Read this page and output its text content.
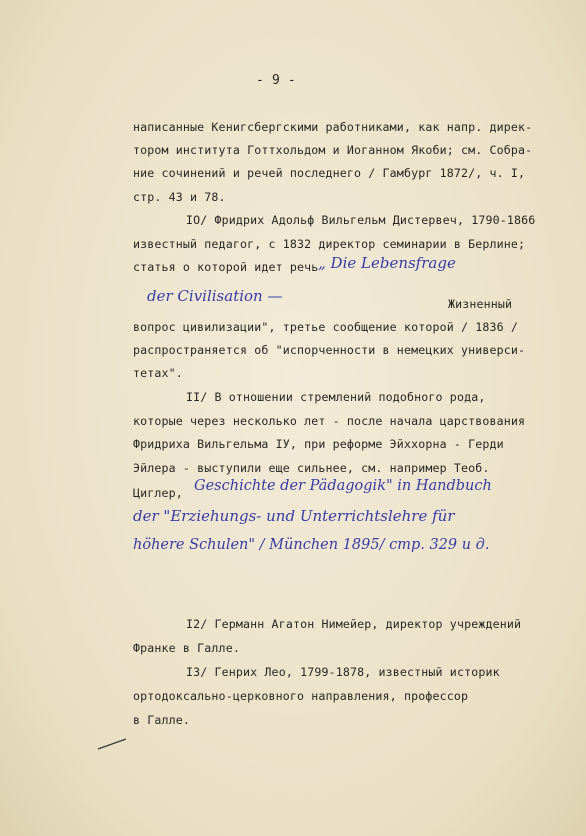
- 9 -
написанные Кенигсбергскими работниками, как напр. дирек-
тором института Готтхольдом и Иоганном Якоби; см. Собра-
ние сочинений и речей последнего / Гамбург 1872/, ч. I,
стр. 43 и 78.
IO/ Фридрих Адольф Вильгельм Дистервеч, 1790-1866
известный педагог, с 1832 директор семинарии в Берлине;
статья о которой идет речь „ Die Lebensfrage
der Civilisation —	Жизненный
вопрос цивилизации", третье сообщение которой / 1836 /
распространяется об "испорченности в немецких универси-
тетах".
II/ В отношении стремлений подобного рода,
которые через несколько лет - после начала царствования
Фридриха Вильгельма IУ, при реформе Эйххорна - Герди
Эйлера - выступили еще сильнее, см. например Теоб.
Циглер, Geschichte der Pädagogik" in Handbuch
der "Erziehungs- und Unterrichtslehre für
höhere Schulen" / München 1895/ стр. 329 и д.
I2/ Германн Агатон Нимейер, директор учреждений
Франке в Галле.
I3/ Генрих Лео, 1799-1878, известный историк
ортодоксально-церковного направления, профессор
в Галле.
